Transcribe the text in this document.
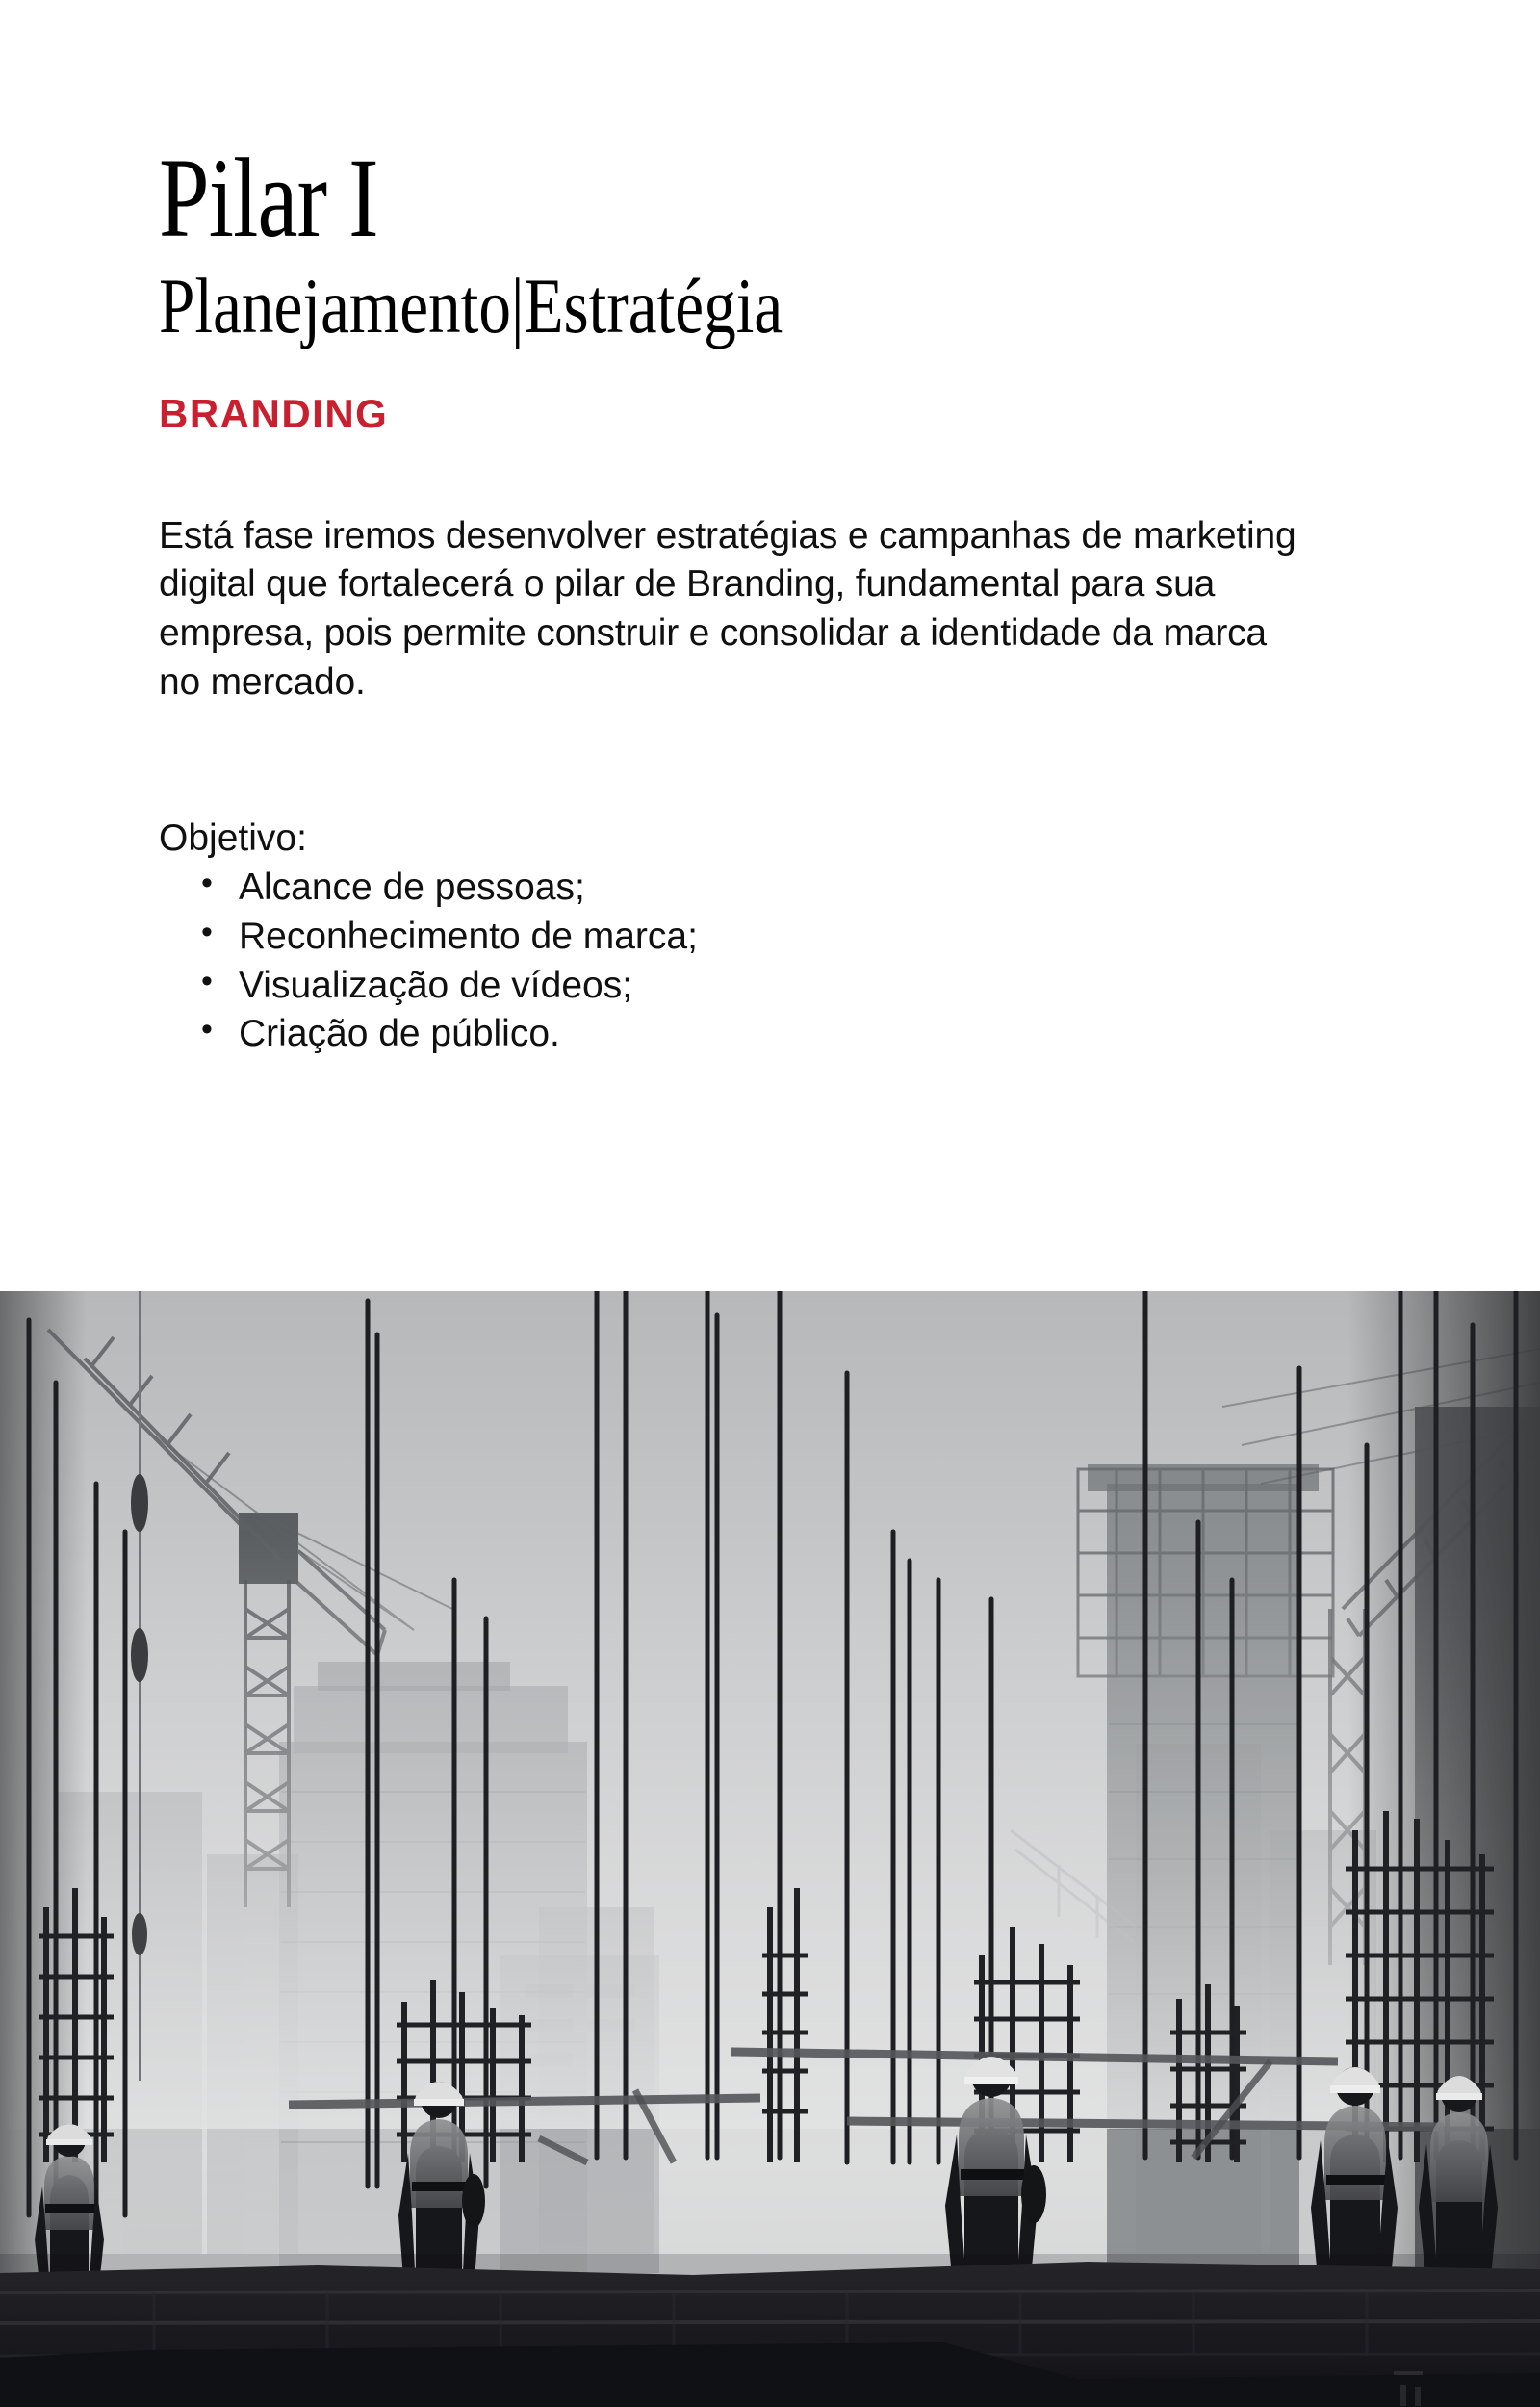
Pilar I
Planejamento|Estratégia
BRANDING

Está fase iremos desenvolver estratégias e campanhas de marketing digital que fortalecerá o pilar de Branding, fundamental para sua empresa, pois permite construir e consolidar a identidade da marca no mercado.

Objetivo:
• Alcance de pessoas;
• Reconhecimento de marca;
• Visualização de vídeos;
• Criação de público.
